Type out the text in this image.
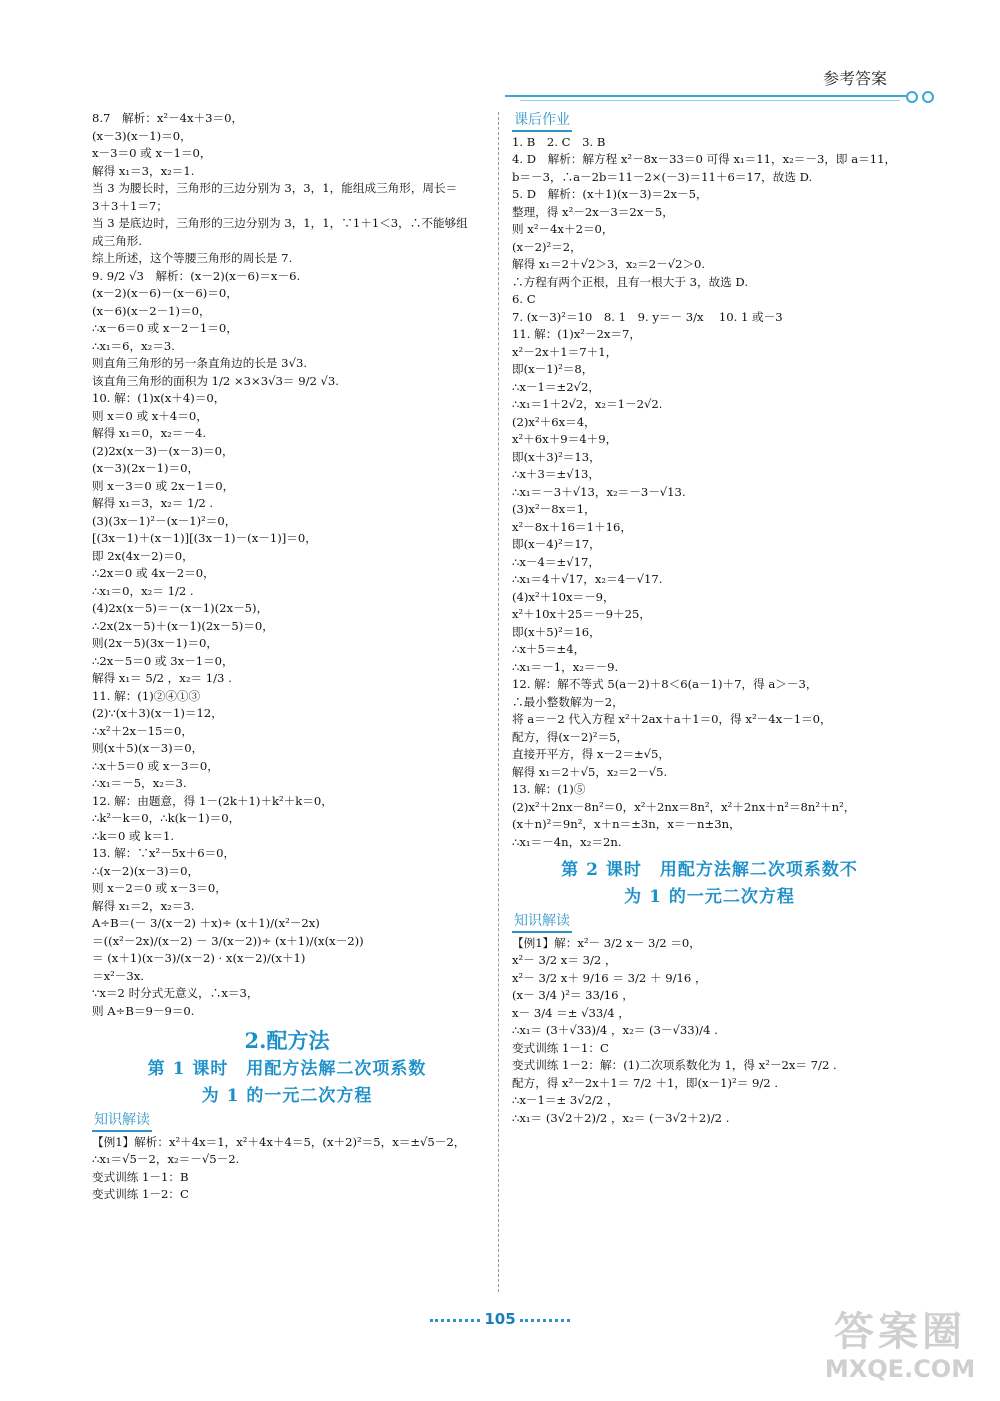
参考答案
8.7　解析：x²－4x＋3＝0，
(x－3)(x－1)＝0，
x－3＝0 或 x－1＝0，
解得 x₁＝3，x₂＝1.
当 3 为腰长时，三角形的三边分别为 3，3，1，能组成三角形，周长＝
3＋3＋1＝7；
当 3 是底边时，三角形的三边分别为 3，1，1，∵1＋1＜3，∴不能够组
成三角形.
综上所述，这个等腰三角形的周长是 7.
9. 9/2 √3　解析：(x－2)(x－6)＝x－6.
(x－2)(x－6)－(x－6)＝0，
(x－6)(x－2－1)＝0，
∴x－6＝0 或 x－2－1＝0，
∴x₁＝6，x₂＝3.
则直角三角形的另一条直角边的长是 3√3.
该直角三角形的面积为 1/2 ×3×3√3＝ 9/2 √3.
10. 解：(1)x(x＋4)＝0，
则 x＝0 或 x＋4＝0，
解得 x₁＝0，x₂＝－4.
(2)2x(x－3)－(x－3)＝0，
(x－3)(2x－1)＝0，
则 x－3＝0 或 2x－1＝0，
解得 x₁＝3，x₂＝ 1/2 .
(3)(3x－1)²－(x－1)²＝0，
[(3x－1)＋(x－1)][(3x－1)－(x－1)]＝0，
即 2x(4x－2)＝0，
∴2x＝0 或 4x－2＝0，
∴x₁＝0，x₂＝ 1/2 .
(4)2x(x－5)＝－(x－1)(2x－5)，
∴2x(2x－5)＋(x－1)(2x－5)＝0，
则(2x－5)(3x－1)＝0，
∴2x－5＝0 或 3x－1＝0，
解得 x₁＝ 5/2 ，x₂＝ 1/3 .
11. 解：(1)②④①③
(2)∵(x＋3)(x－1)＝12，
∴x²＋2x－15＝0，
则(x＋5)(x－3)＝0，
∴x＋5＝0 或 x－3＝0，
∴x₁＝－5，x₂＝3.
12. 解：由题意，得 1－(2k＋1)＋k²＋k＝0，
∴k²－k＝0，∴k(k－1)＝0，
∴k＝0 或 k＝1.
13. 解：∵x²－5x＋6＝0，
∴(x－2)(x－3)＝0，
则 x－2＝0 或 x－3＝0，
解得 x₁＝2，x₂＝3.
A÷B＝(－ 3/(x－2) ＋x)÷ (x＋1)/(x²－2x)
＝((x²－2x)/(x－2) － 3/(x－2))÷ (x＋1)/(x(x－2))
＝ (x＋1)(x－3)/(x－2) · x(x－2)/(x＋1)
＝x²－3x.
∵x＝2 时分式无意义，∴x＝3，
则 A÷B＝9－9＝0.
2.配方法
第 1 课时　用配方法解二次项系数
为 1 的一元二次方程
知识解读
【例1】解析：x²＋4x＝1，x²＋4x＋4＝5，(x＋2)²＝5，x＝±√5－2，
∴x₁＝√5－2，x₂＝－√5－2.
变式训练 1－1：B
变式训练 1－2：C
课后作业
1. B　2. C　3. B
4. D　解析：解方程 x²－8x－33＝0 可得 x₁＝11，x₂＝－3，即 a＝11，
b＝－3，∴a－2b＝11－2×(－3)＝11＋6＝17，故选 D.
5. D　解析：(x＋1)(x－3)＝2x－5，
整理，得 x²－2x－3＝2x－5，
则 x²－4x＋2＝0，
(x－2)²＝2，
解得 x₁＝2＋√2＞3，x₂＝2－√2＞0.
∴方程有两个正根，且有一根大于 3，故选 D.
6. C
7. (x－3)²＝10　8. 1　9. y＝－ 3/x 　10. 1 或－3
11. 解：(1)x²－2x＝7，
x²－2x＋1＝7＋1，
即(x－1)²＝8，
∴x－1＝±2√2，
∴x₁＝1＋2√2，x₂＝1－2√2.
(2)x²＋6x＝4，
x²＋6x＋9＝4＋9，
即(x＋3)²＝13，
∴x＋3＝±√13，
∴x₁＝－3＋√13，x₂＝－3－√13.
(3)x²－8x＝1，
x²－8x＋16＝1＋16，
即(x－4)²＝17，
∴x－4＝±√17，
∴x₁＝4＋√17，x₂＝4－√17.
(4)x²＋10x＝－9，
x²＋10x＋25＝－9＋25，
即(x＋5)²＝16，
∴x＋5＝±4，
∴x₁＝－1，x₂＝－9.
12. 解：解不等式 5(a－2)＋8＜6(a－1)＋7，得 a＞－3，
∴最小整数解为－2，
将 a＝－2 代入方程 x²＋2ax＋a＋1＝0，得 x²－4x－1＝0，
配方，得(x－2)²＝5，
直接开平方，得 x－2＝±√5，
解得 x₁＝2＋√5，x₂＝2－√5.
13. 解：(1)⑤
(2)x²＋2nx－8n²＝0，x²＋2nx＝8n²，x²＋2nx＋n²＝8n²＋n²，
(x＋n)²＝9n²，x＋n＝±3n，x＝－n±3n，
∴x₁＝－4n，x₂＝2n.
第 2 课时　用配方法解二次项系数不
为 1 的一元二次方程
知识解读
【例1】解：x²－ 3/2 x－ 3/2 ＝0，
x²－ 3/2 x＝ 3/2 ，
x²－ 3/2 x＋ 9/16 ＝ 3/2 ＋ 9/16 ，
(x－ 3/4 )²＝ 33/16 ，
x－ 3/4 ＝± √33/4 ，
∴x₁＝ (3＋√33)/4 ，x₂＝ (3－√33)/4 .
变式训练 1－1：C
变式训练 1－2：解：(1)二次项系数化为 1，得 x²－2x＝ 7/2 .
配方，得 x²－2x＋1＝ 7/2 ＋1，即(x－1)²＝ 9/2 .
∴x－1＝± 3√2/2 ，
∴x₁＝ (3√2＋2)/2 ，x₂＝ (－3√2＋2)/2 .
105	答案圈
MXQE.COM
